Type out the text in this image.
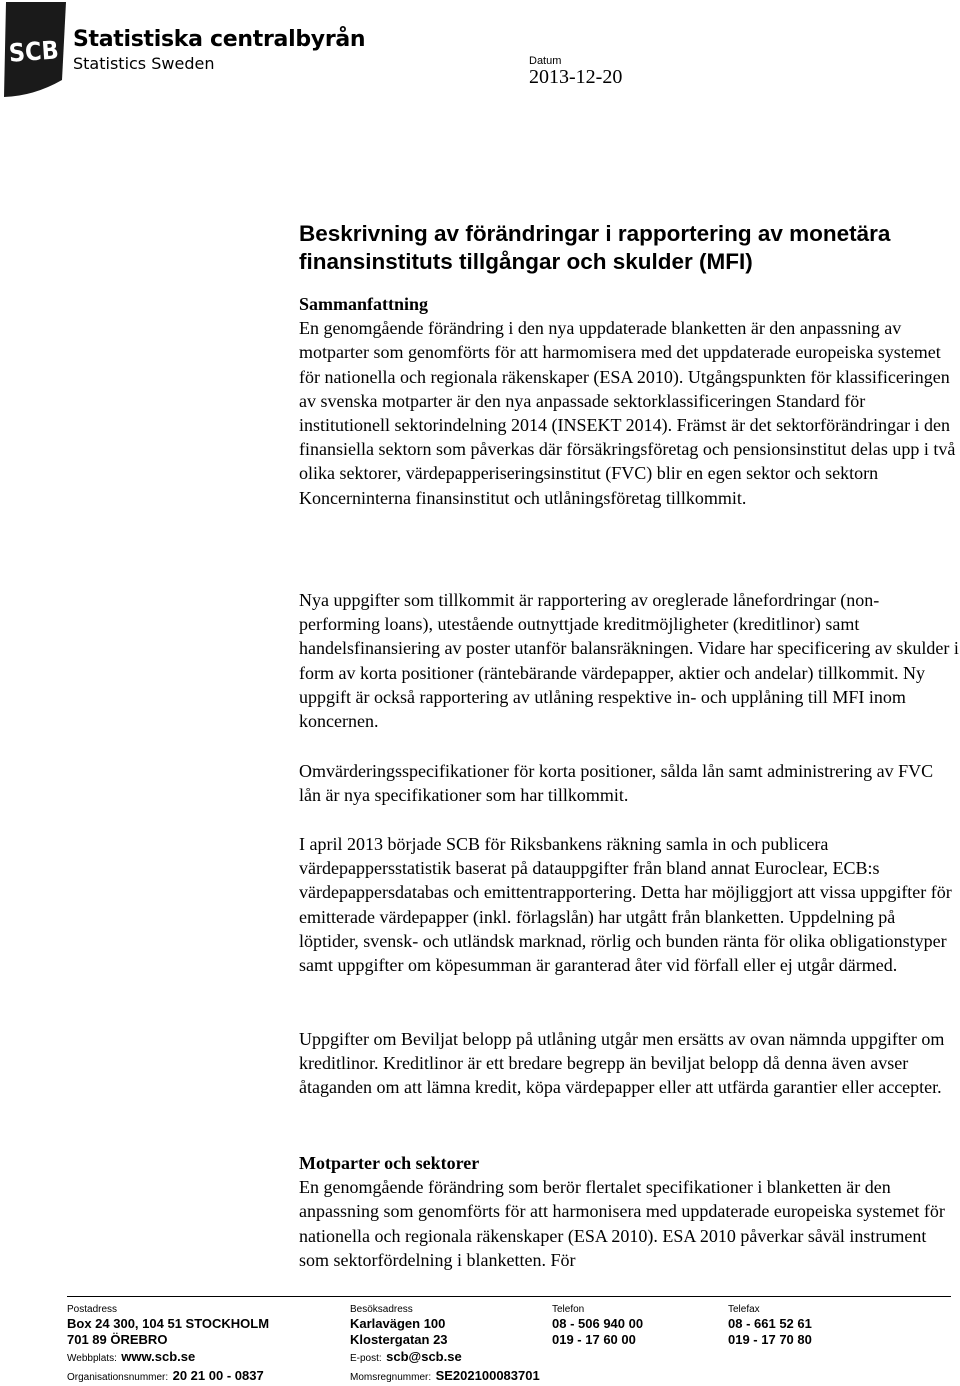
SCB Statistiska centralbyrån
Statistics Sweden	Datum
2013-12-20
Beskrivning av förändringar i rapportering av monetära finansinstituts tillgångar och skulder (MFI)

Sammanfattning

En genomgående förändring i den nya uppdaterade blanketten är den anpassning av motparter som genomförts för att harmomisera med det uppdaterade europeiska systemet för nationella och regionala räkenskaper (ESA 2010). Utgångspunkten för klassificeringen av svenska motparter är den nya anpassade sektorklassificeringen Standard för institutionell sektorindelning 2014 (INSEKT 2014). Främst är det sektorförändringar i den finansiella sektorn som påverkas där försäkringsföretag och pensionsinstitut delas upp i två olika sektorer, värdepapperiseringsinstitut (FVC) blir en egen sektor och sektorn Koncerninterna finansinstitut och utlåningsföretag tillkommit.

Nya uppgifter som tillkommit är rapportering av oreglerade lånefordringar (non-performing loans), utestående outnyttjade kreditmöjligheter (kreditlinor) samt handelsfinansiering av poster utanför balansräkningen. Vidare har specificering av skulder i form av korta positioner (räntebärande värdepapper, aktier och andelar) tillkommit. Ny uppgift är också rapportering av utlåning respektive in- och upplåning till MFI inom koncernen.

Omvärderingsspecifikationer för korta positioner, sålda lån samt administrering av FVC lån är nya specifikationer som har tillkommit.

I april 2013 började SCB för Riksbankens räkning samla in och publicera värdepappersstatistik baserat på datauppgifter från bland annat Euroclear, ECB:s värdepappersdatabas och emittentrapportering. Detta har möjliggjort att vissa uppgifter för emitterade värdepapper (inkl. förlagslån) har utgått från blanketten. Uppdelning på löptider, svensk- och utländsk marknad, rörlig och bunden ränta för olika obligationstyper samt uppgifter om köpesumman är garanterad åter vid förfall eller ej utgår därmed.

Uppgifter om Beviljat belopp på utlåning utgår men ersätts av ovan nämnda uppgifter om kreditlinor. Kreditlinor är ett bredare begrepp än beviljat belopp då denna även avser åtaganden om att lämna kredit, köpa värdepapper eller att utfärda garantier eller accepter.

Motparter och sektorer

En genomgående förändring som berör flertalet specifikationer i blanketten är den anpassning som genomförts för att harmonisera med uppdaterade europeiska systemet för nationella och regionala räkenskaper (ESA 2010). ESA 2010 påverkar såväl instrument som sektorfördelning i blanketten. För

Postadress
Box 24 300, 104 51 STOCKHOLM
701 89 ÖREBRO
Webbplats: www.scb.se
Organisationsnummer: 20 21 00 - 0837
Besöksadress
Karlavägen 100
Klostergatan 23
E-post: scb@scb.se
Momsregnummer: SE202100083701
Telefon
08 - 506 940 00
019 - 17 60 00
Telefax
08 - 661 52 61
019 - 17 70 80
